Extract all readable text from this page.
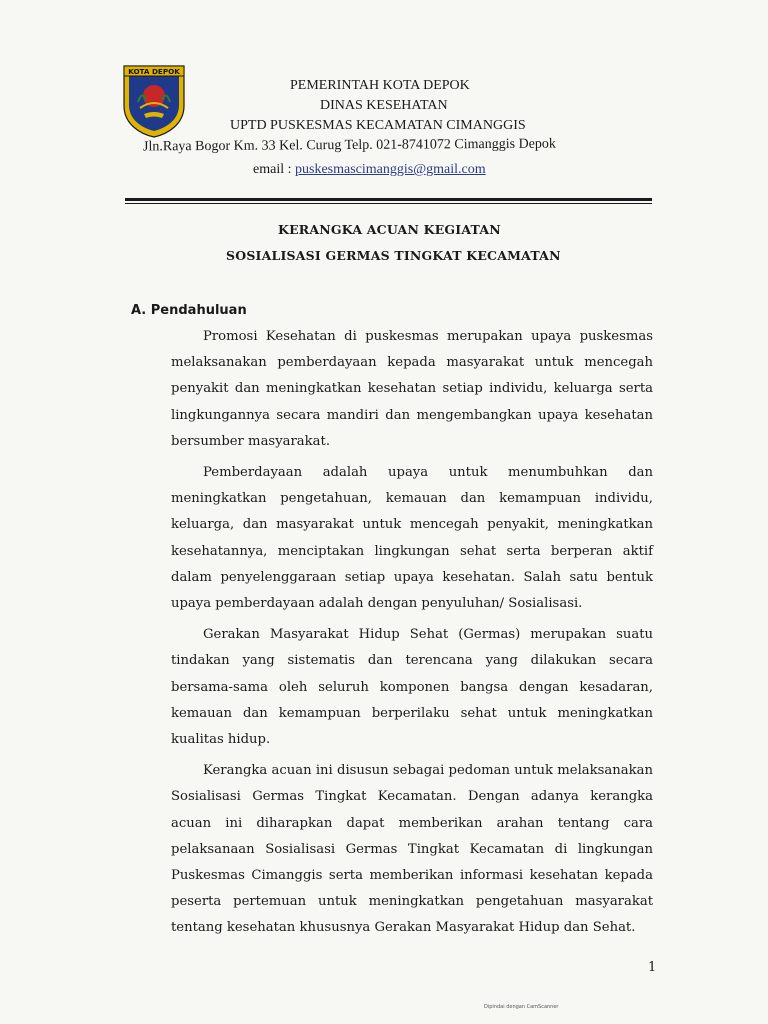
KOTA DEPOK
PEMERINTAH KOTA DEPOK
DINAS KESEHATAN
UPTD PUSKESMAS KECAMATAN CIMANGGIS
Jln.Raya Bogor Km. 33 Kel. Curug Telp. 021-8741072 Cimanggis Depok
email : puskesmascimanggis@gmail.com
KERANGKA ACUAN KEGIATAN
SOSIALISASI GERMAS TINGKAT KECAMATAN
A. Pendahuluan

Promosi Kesehatan di puskesmas merupakan upaya puskesmas melaksanakan pemberdayaan kepada masyarakat untuk mencegah penyakit dan meningkatkan kesehatan setiap individu, keluarga serta lingkungannya secara mandiri dan mengembangkan upaya kesehatan bersumber masyarakat.

Pemberdayaan adalah upaya untuk menumbuhkan dan meningkatkan pengetahuan, kemauan dan kemampuan individu, keluarga, dan masyarakat untuk mencegah penyakit, meningkatkan kesehatannya, menciptakan lingkungan sehat serta berperan aktif dalam penyelenggaraan setiap upaya kesehatan. Salah satu bentuk upaya pemberdayaan adalah dengan penyuluhan/ Sosialisasi.

Gerakan Masyarakat Hidup Sehat (Germas) merupakan suatu tindakan yang sistematis dan terencana yang dilakukan secara bersama-sama oleh seluruh komponen bangsa dengan kesadaran, kemauan dan kemampuan berperilaku sehat untuk meningkatkan kualitas hidup.

Kerangka acuan ini disusun sebagai pedoman untuk melaksanakan Sosialisasi Germas Tingkat Kecamatan. Dengan adanya kerangka acuan ini diharapkan dapat memberikan arahan tentang cara pelaksanaan Sosialisasi Germas Tingkat Kecamatan di lingkungan Puskesmas Cimanggis serta memberikan informasi kesehatan kepada peserta pertemuan untuk meningkatkan pengetahuan masyarakat tentang kesehatan khususnya Gerakan Masyarakat Hidup dan Sehat.

1
Dipindai dengan CamScanner
